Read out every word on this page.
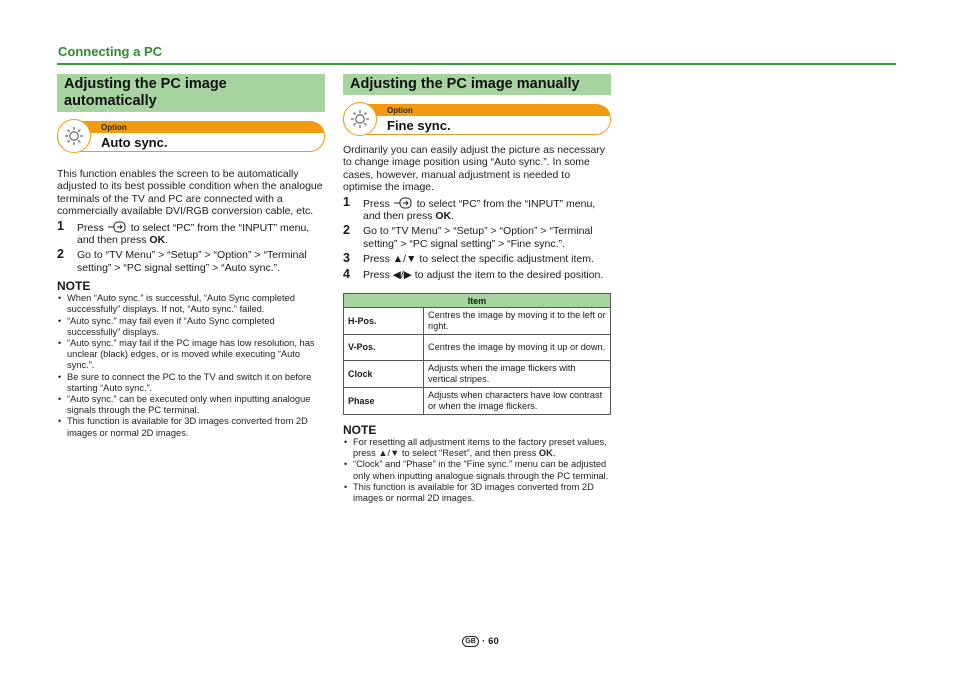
Connecting a PC
Adjusting the PC image automatically
Option
Auto sync.

This function enables the screen to be automatically adjusted to its best possible condition when the analogue terminals of the TV and PC are connected with a commercially available DVI/RGB conversion cable, etc.

1 Press	to select “PC” from the “INPUT” menu, and then press OK.
2 Go to “TV Menu” > “Setup” > “Option” > “Terminal setting” > “PC signal setting” > “Auto sync.”.
NOTE
• When “Auto sync.” is successful, “Auto Sync completed successfully” displays. If not, “Auto sync.” failed.
• “Auto sync.” may fail even if “Auto Sync completed successfully” displays.
• “Auto sync.” may fail if the PC image has low resolution, has unclear (black) edges, or is moved while executing “Auto sync.”.
• Be sure to connect the PC to the TV and switch it on before starting “Auto sync.”.
• “Auto sync.” can be executed only when inputting analogue signals through the PC terminal.
• This function is available for 3D images converted from 2D images or normal 2D images.
Adjusting the PC image manually
Option
Fine sync.

Ordinarily you can easily adjust the picture as necessary to change image position using “Auto sync.”. In some cases, however, manual adjustment is needed to optimise the image.

1 Press	to select “PC” from the “INPUT” menu, and then press OK.
2 Go to “TV Menu” > “Setup” > “Option” > “Terminal setting” > “PC signal setting” > “Fine sync.”.
3 Press ▲/▼ to select the specific adjustment item.
4 Press ◀/▶ to adjust the item to the desired position.
Item	
H-Pos.	Centres the image by moving it to the left or right.
V-Pos.	Centres the image by moving it up or down.
Clock	Adjusts when the image flickers with vertical stripes.
Phase	Adjusts when characters have low contrast or when the image flickers.
NOTE
• For resetting all adjustment items to the factory preset values, press ▲/▼ to select “Reset”, and then press OK.
• “Clock” and “Phase” in the “Fine sync.” menu can be adjusted only when inputting analogue signals through the PC terminal.
• This function is available for 3D images converted from 2D images or normal 2D images.
GB · 60
